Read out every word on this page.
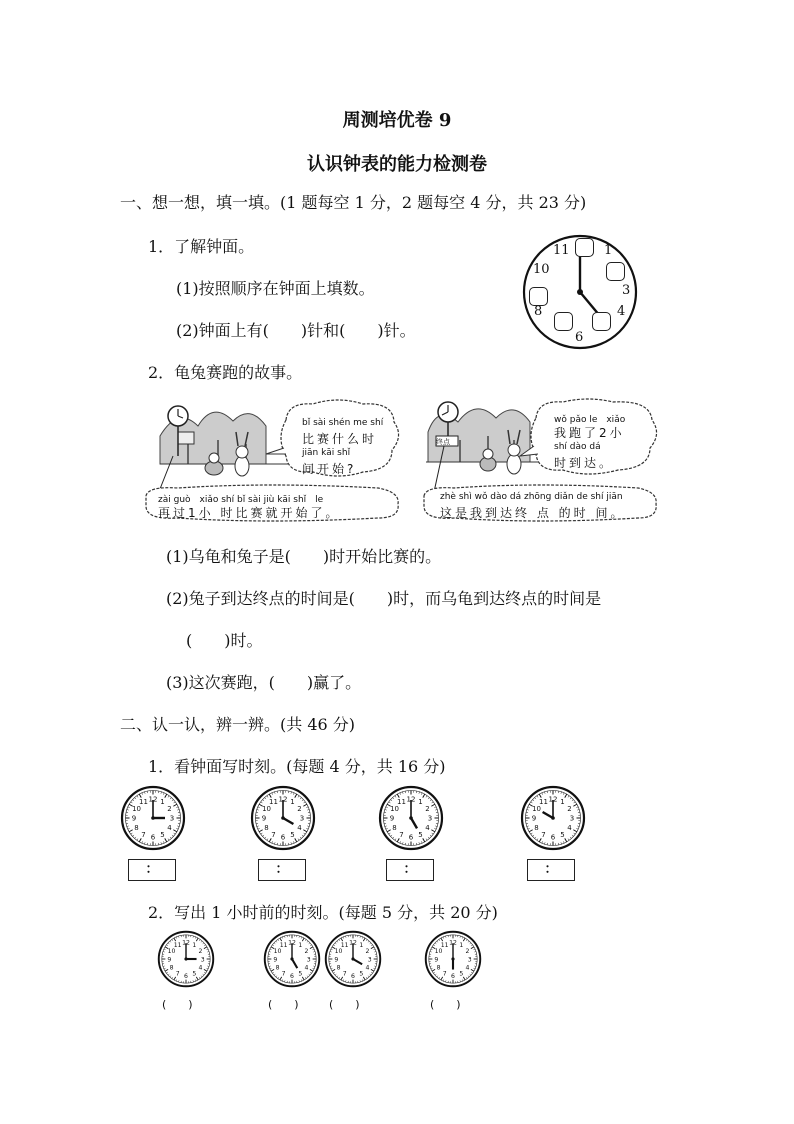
周测培优卷 9
认识钟表的能力检测卷
一、想一想，填一填。(1 题每空 1 分，2 题每空 4 分，共 23 分)
1．了解钟面。
(1)按照顺序在钟面上填数。
(2)钟面上有(　　)针和(　　)针。
11	1
10
3
8	4
6
2．龟兔赛跑的故事。
bǐ sài shén me shí
比赛什么时
jiān kāi shǐ
间开始?
zài guò　xiǎo shí bǐ sài jiù kāi shǐ　le
再过1小 时比赛就开始了。
终点
wǒ pǎo le　xiǎo
我跑了2小
shí dào dá
时到达。
zhè shì wǒ dào dá zhōng diǎn de shí jiān
这是我到达终 点 的时 间。
(1)乌龟和兔子是(　　)时开始比赛的。
(2)兔子到达终点的时间是(　　)时，而乌龟到达终点的时间是
(　　)时。
(3)这次赛跑，(　　)赢了。
二、认一认，辨一辨。(共 46 分)
1．看钟面写时刻。(每题 4 分，共 16 分)
1
2
3
4
5
6
7
8
9
10
11 12	1
2
3
4
5
6
7
8
9
10
11 12	1
2
3
4
5
6
7
8
9
10
11 12	1
2
3
4
5
6
7
8
9
10
11 12
：	：	：	：
2．写出 1 小时前的时刻。(每题 5 分，共 20 分)
1
2
3
4
5
6
7
8
9
10
11 12	1
2
3
4
5
6
7
8
9
10
11 12	1
2
3
4
5
6
7
8
9
10
11 12	1
2
3
4
5
6
7
8
9
10
11 12
(　　)	(　　)	(　　)	(　　)
